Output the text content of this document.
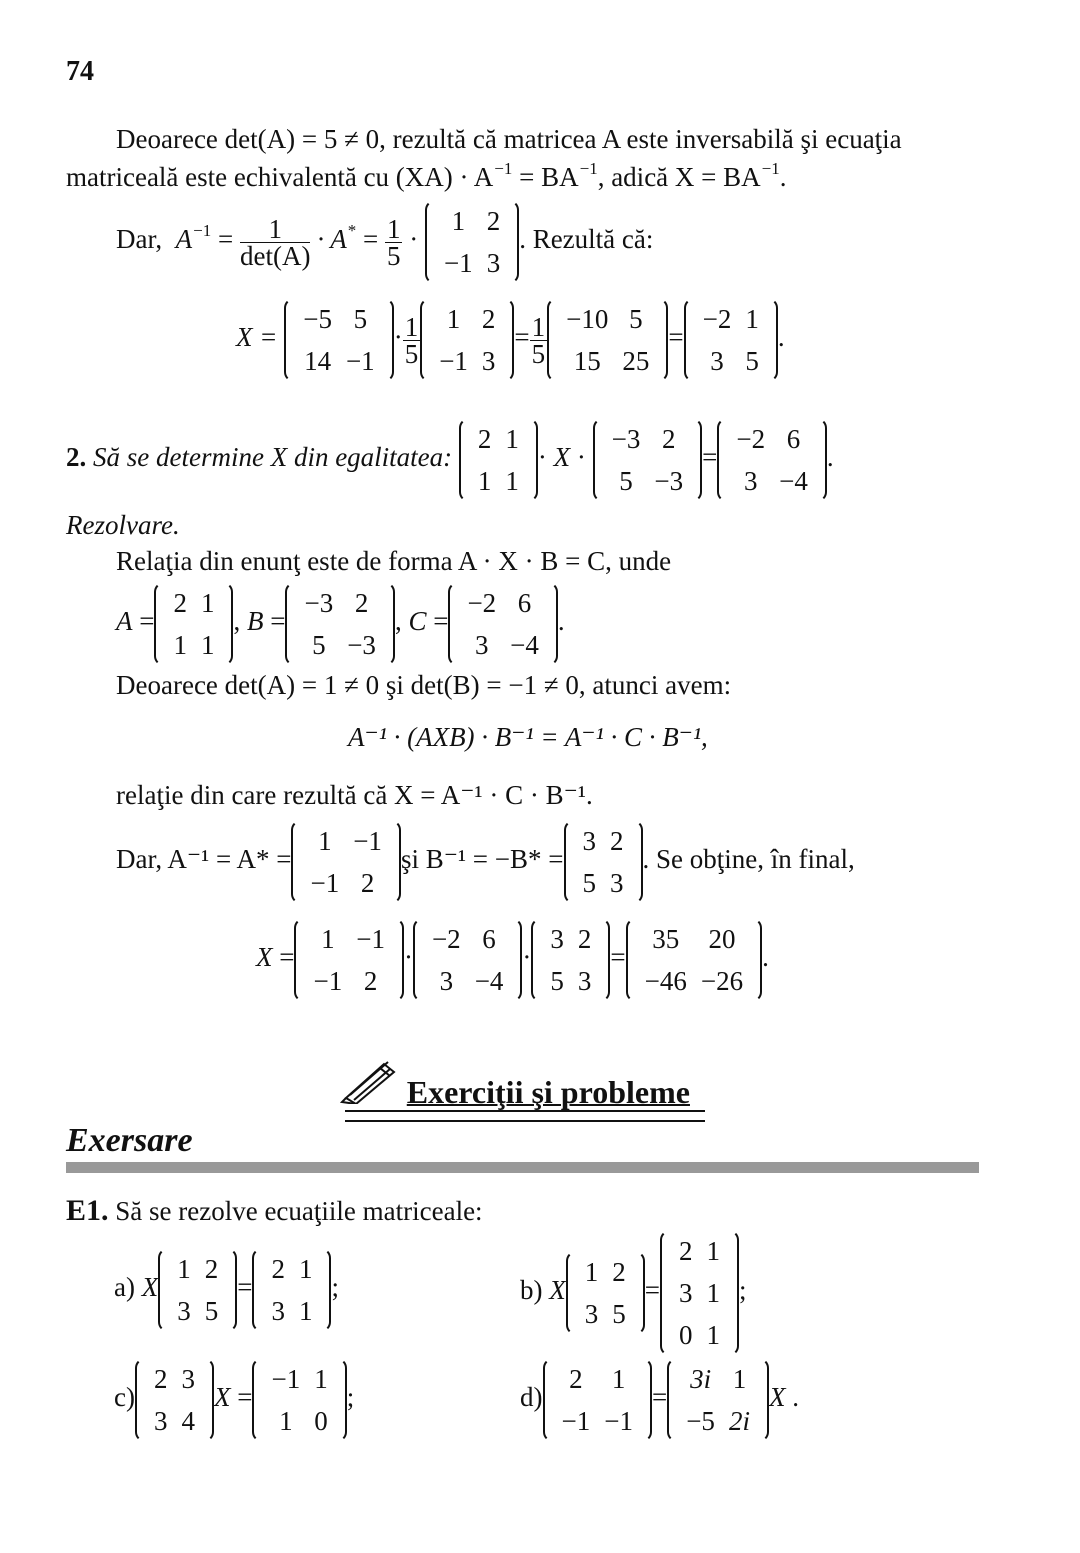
74
Deoarece det(A) = 5 ≠ 0, rezultă că matricea A este inversabilă şi ecuaţia
matriceală este echivalentă cu $(XA) \cdot A^{-1} = BA^{-1}$, adică $X = BA^{-1}$.
Dar, $A^{-1} = \frac{1}{\det(A)} \cdot A^* = \frac{1}{5}$ ·
1	2
−1	3
. Rezultă că:
X =
−5	5
14	−1
· $\frac{1}{5} 1$	2
−1	3
= $\frac{1}{5} -10$	5
15	25
=
−2	1
3	5
.
2. Să se determine X din egalitatea:
2	1
1	1
· X ·
−3	2
5	−3
=
−2	6
3	−4
.
Rezolvare.
Relaţia din enunţ este de forma A · X · B = C, unde
A =
2	1
1	1
, B =
−3	2
5	−3
, C =
−2	6
3	−4
.
Deoarece det(A) = 1 ≠ 0 şi det(B) = −1 ≠ 0, atunci avem:
A⁻¹ · (AXB) · B⁻¹ = A⁻¹ · C · B⁻¹,
relaţie din care rezultă că X = A⁻¹ · C · B⁻¹.
Dar, A⁻¹ = A* =
1	−1
−1	2
şi B⁻¹ = −B* =
3	2
5	3
. Se obţine, în final,
X =
1	−1
−1	2
·
−2	6
3	−4
·
3	2
5	3
=
35	20
−46	−26
.
Exerciţii şi probleme
Exersare
E1. Să se rezolve ecuaţiile matriceale:
a) X
1	2
3	5
=
2	1
3	1
;	b) X
1	2
3	5
=
2	1
3	1
0	1
;
c)
2	3
3	4
X =
−1	1
1	0
;	d)
2	1
−1	−1
=
3i	1
−5	2i
X .
